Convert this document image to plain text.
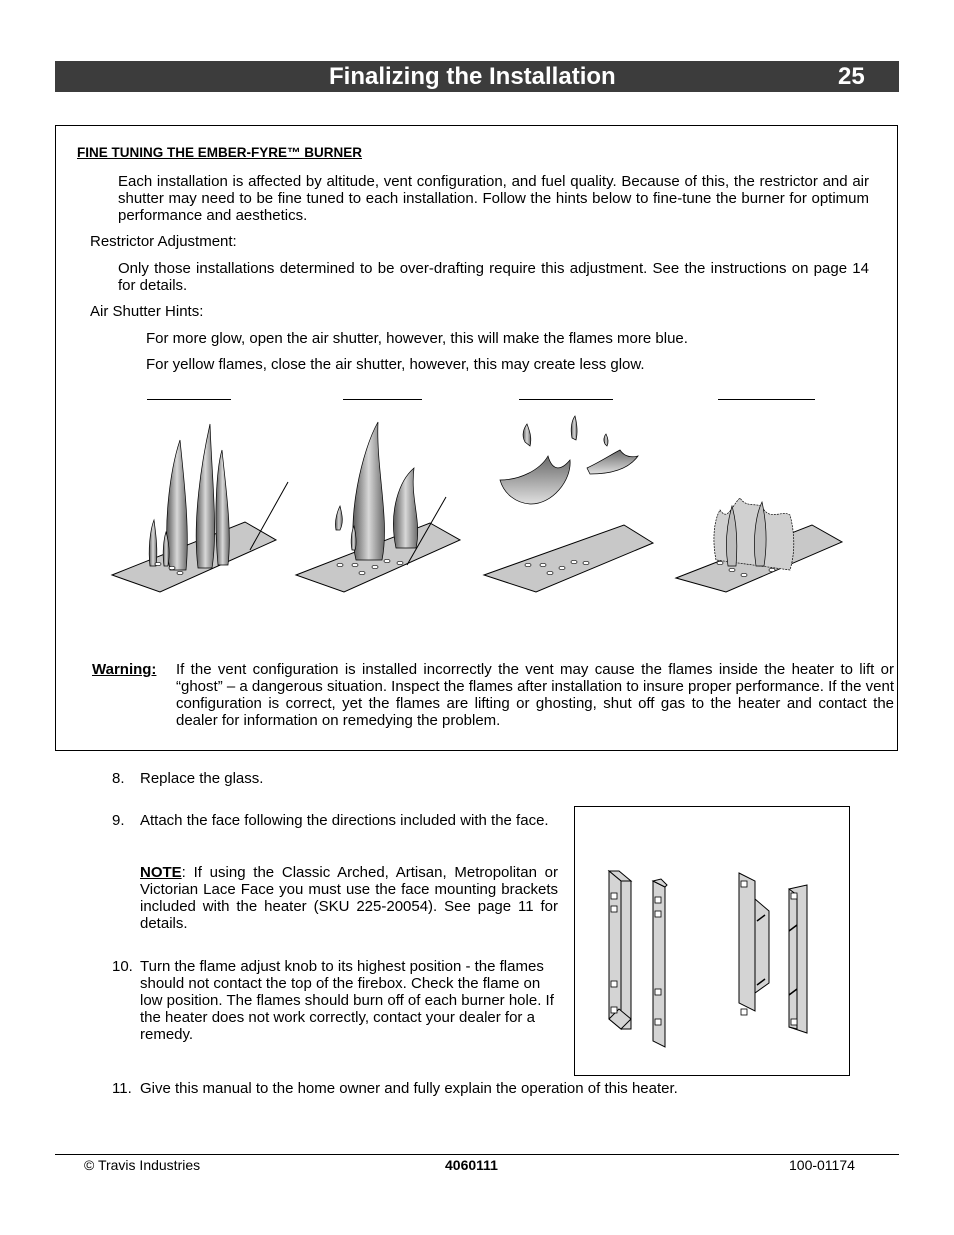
Finalizing the Installation	25
FINE TUNING THE EMBER-FYRE™ BURNER
Each installation is affected by altitude, vent configuration, and fuel quality. Because of this, the restrictor and air shutter may need to be fine tuned to each installation. Follow the hints below to fine-tune the burner for optimum performance and aesthetics.
Restrictor Adjustment:
Only those installations determined to be over-drafting require this adjustment. See the instructions on page 14 for details.
Air Shutter Hints:
For more glow, open the air shutter, however, this will make the flames more blue.
For yellow flames, close the air shutter, however, this may create less glow.
Warning: If the vent configuration is installed incorrectly the vent may cause the flames inside the heater to lift or “ghost” – a dangerous situation. Inspect the flames after installation to insure proper performance. If the vent configuration is correct, yet the flames are lifting or ghosting, shut off gas to the heater and contact the dealer for information on remedying the problem.
8. Replace the glass.
9. Attach the face following the directions included with the face.
NOTE: If using the Classic Arched, Artisan, Metropolitan or Victorian Lace Face you must use the face mounting brackets included with the heater (SKU 225-20054). See page 11 for details.
10. Turn the flame adjust knob to its highest position - the flames should not contact the top of the firebox. Check the flame on low position. The flames should burn off of each burner hole. If the heater does not work correctly, contact your dealer for a remedy.
11. Give this manual to the home owner and fully explain the operation of this heater.
© Travis Industries	4060111	100-01174
